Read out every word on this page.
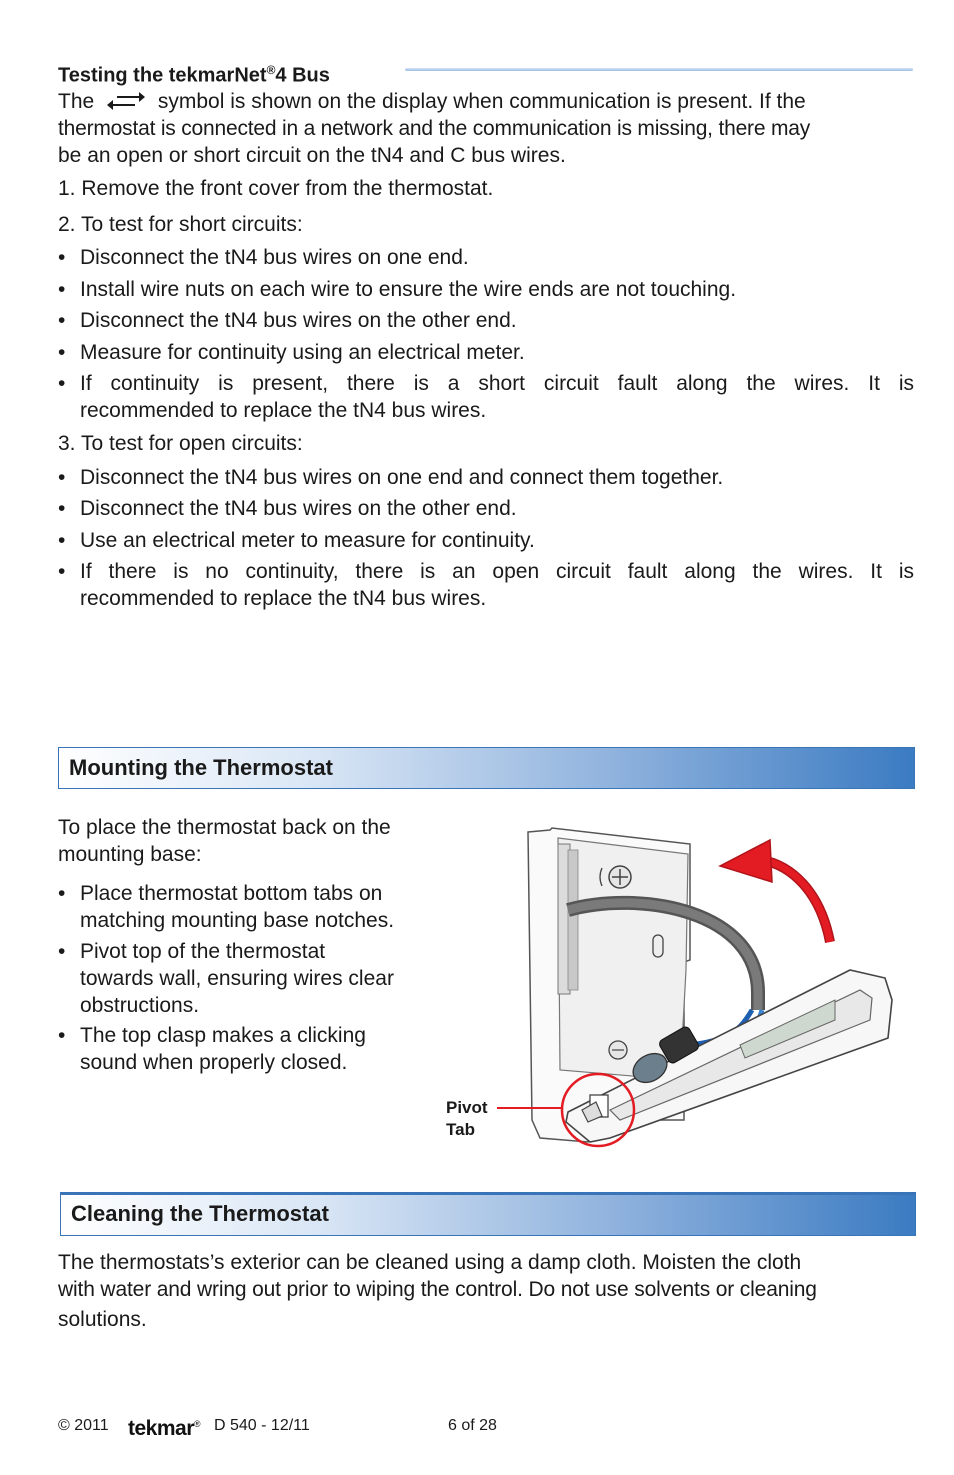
Testing the tekmarNet®4 Bus
The	symbol is shown on the display when communication is present. If the
thermostat is connected in a network and the communication is missing, there may
be an open or short circuit on the tN4 and C bus wires.
1. Remove the front cover from the thermostat.
2. To test for short circuits:
• Disconnect the tN4 bus wires on one end.
• Install wire nuts on each wire to ensure the wire ends are not touching.
• Disconnect the tN4 bus wires on the other end.
• Measure for continuity using an electrical meter.
• If continuity is present, there is a short circuit fault along the wires. It is
recommended to replace the tN4 bus wires.
3. To test for open circuits:
• Disconnect the tN4 bus wires on one end and connect them together.
• Disconnect the tN4 bus wires on the other end.
• Use an electrical meter to measure for continuity.
• If there is no continuity, there is an open circuit fault along the wires. It is
recommended to replace the tN4 bus wires.
Mounting the Thermostat
To place the thermostat back on the
mounting base:
• Place thermostat bottom tabs on
matching mounting base notches.
• Pivot top of the thermostat
towards wall, ensuring wires clear
obstructions.
• The top clasp makes a clicking
sound when properly closed.
Pivot
Tab
Cleaning the Thermostat
The thermostats’s exterior can be cleaned using a damp cloth. Moisten the cloth
with water and wring out prior to wiping the control. Do not use solvents or cleaning
solutions.
© 2011 tekmar® D 540 - 12/11	6 of 28
